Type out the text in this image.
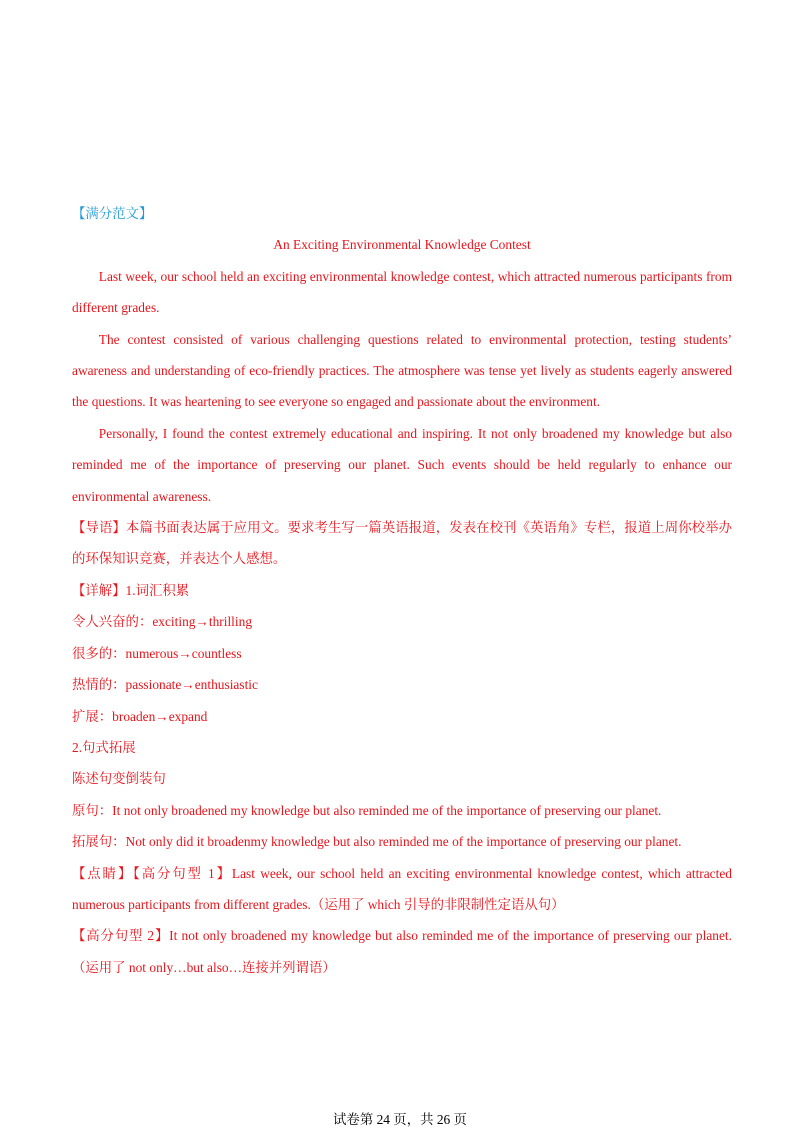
【满分范文】
An Exciting Environmental Knowledge Contest
Last week, our school held an exciting environmental knowledge contest, which attracted numerous participants from different grades.
The contest consisted of various challenging questions related to environmental protection, testing students’ awareness and understanding of eco-friendly practices. The atmosphere was tense yet lively as students eagerly answered the questions. It was heartening to see everyone so engaged and passionate about the environment.
Personally, I found the contest extremely educational and inspiring. It not only broadened my knowledge but also reminded me of the importance of preserving our planet. Such events should be held regularly to enhance our environmental awareness.
【导语】本篇书面表达属于应用文。要求考生写一篇英语报道，发表在校刊《英语角》专栏，报道上周你校举办的环保知识竞赛，并表达个人感想。
【详解】1.词汇积累
令人兴奋的：exciting→thrilling
很多的：numerous→countless
热情的：passionate→enthusiastic
扩展：broaden→expand
2.句式拓展
陈述句变倒装句
原句：It not only broadened my knowledge but also reminded me of the importance of preserving our planet.
拓展句：Not only did it broadenmy knowledge but also reminded me of the importance of preserving our planet.
【点睛】【高分句型 1】Last week, our school held an exciting environmental knowledge contest, which attracted numerous participants from different grades.（运用了 which 引导的非限制性定语从句）
【高分句型 2】It not only broadened my knowledge but also reminded me of the importance of preserving our planet.（运用了 not only…but also…连接并列谓语）
试卷第 24 页，共 26 页
